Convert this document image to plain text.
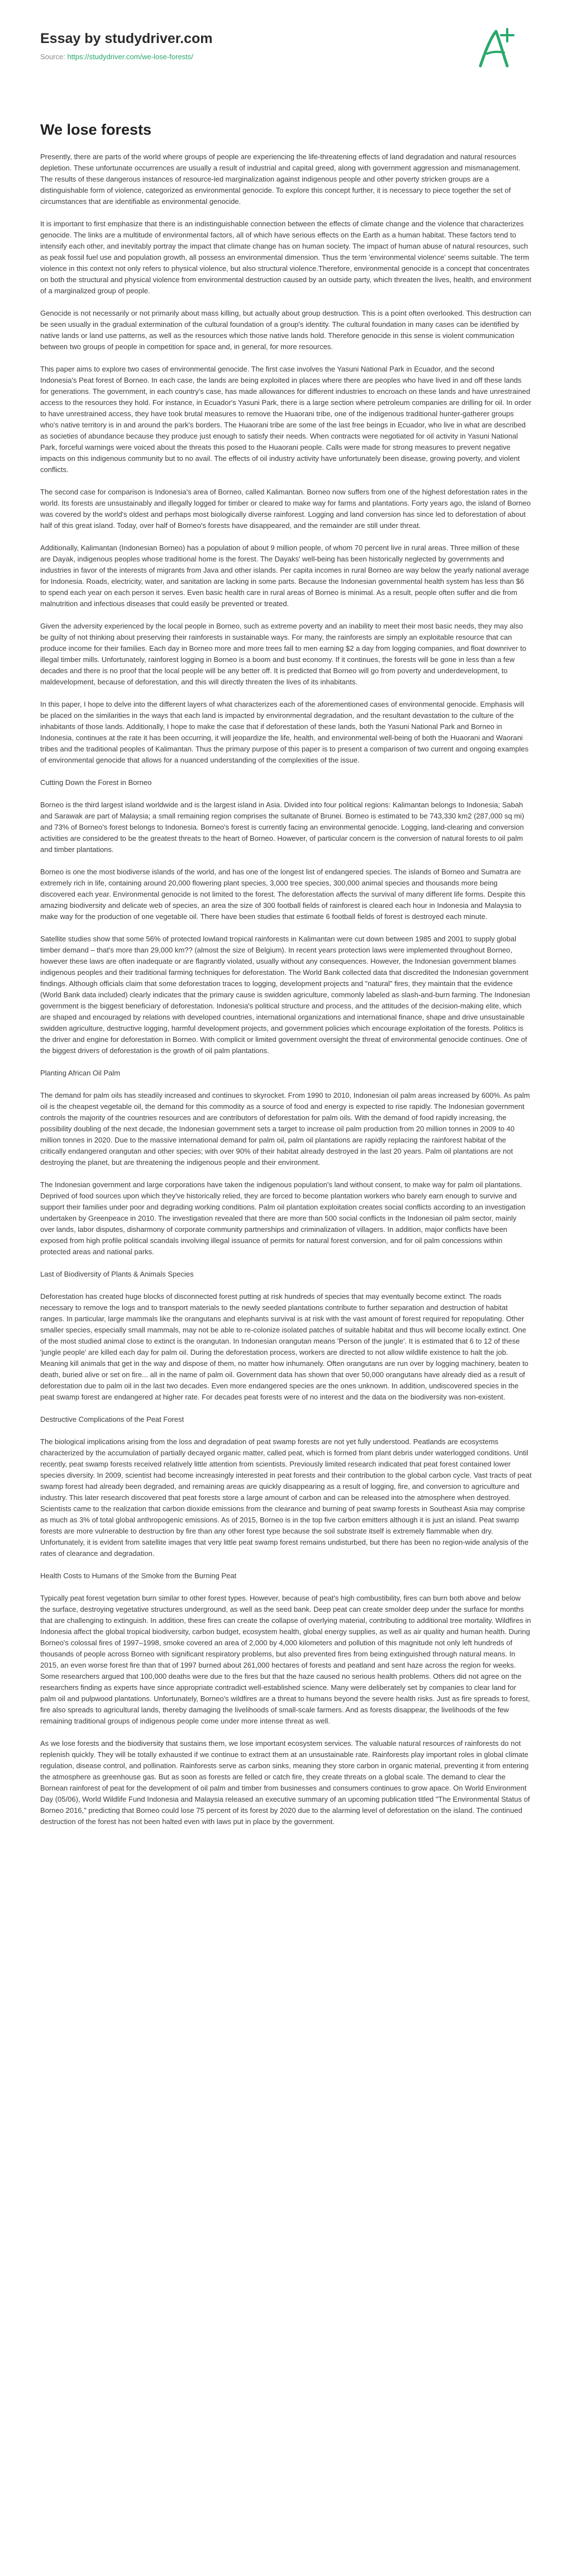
Essay by studydriver.com
Source: https://studydriver.com/we-lose-forests/
We lose forests

Presently, there are parts of the world where groups of people are experiencing the life-threatening effects of land degradation and natural resources depletion. These unfortunate occurrences are usually a result of industrial and capital greed, along with government aggression and mismanagement. The results of these dangerous instances of resource-led marginalization against indigenous people and other poverty stricken groups are a distinguishable form of violence, categorized as environmental genocide. To explore this concept further, it is necessary to piece together the set of circumstances that are identifiable as environmental genocide.

It is important to first emphasize that there is an indistinguishable connection between the effects of climate change and the violence that characterizes genocide. The links are a multitude of environmental factors, all of which have serious effects on the Earth as a human habitat. These factors tend to intensify each other, and inevitably portray the impact that climate change has on human society. The impact of human abuse of natural resources, such as peak fossil fuel use and population growth, all possess an environmental dimension. Thus the term 'environmental violence' seems suitable. The term violence in this context not only refers to physical violence, but also structural violence.Therefore, environmental genocide is a concept that concentrates on both the structural and physical violence from environmental destruction caused by an outside party, which threaten the lives, health, and environment of a marginalized group of people.

Genocide is not necessarily or not primarily about mass killing, but actually about group destruction. This is a point often overlooked. This destruction can be seen usually in the gradual extermination of the cultural foundation of a group's identity. The cultural foundation in many cases can be identified by native lands or land use patterns, as well as the resources which those native lands hold. Therefore genocide in this sense is violent communication between two groups of people in competition for space and, in general, for more resources.

This paper aims to explore two cases of environmental genocide. The first case involves the Yasuni National Park in Ecuador, and the second Indonesia's Peat forest of Borneo. In each case, the lands are being exploited in places where there are peoples who have lived in and off these lands for generations. The government, in each country's case, has made allowances for different industries to encroach on these lands and have unrestrained access to the resources they hold. For instance, in Ecuador's Yasuni Park, there is a large section where petroleum companies are drilling for oil. In order to have unrestrained access, they have took brutal measures to remove the Huaorani tribe, one of the indigenous traditional hunter-gatherer groups who's native territory is in and around the park's borders. The Huaorani tribe are some of the last free beings in Ecuador, who live in what are described as societies of abundance because they produce just enough to satisfy their needs. When contracts were negotiated for oil activity in Yasuni National Park, forceful warnings were voiced about the threats this posed to the Huaorani people. Calls were made for strong measures to prevent negative impacts on this indigenous community but to no avail. The effects of oil industry activity have unfortunately been disease, growing poverty, and violent conflicts.

The second case for comparison is Indonesia's area of Borneo, called Kalimantan. Borneo now suffers from one of the highest deforestation rates in the world. Its forests are unsustainably and illegally logged for timber or cleared to make way for farms and plantations. Forty years ago, the island of Borneo was covered by the world's oldest and perhaps most biologically diverse rainforest. Logging and land conversion has since led to deforestation of about half of this great island. Today, over half of Borneo's forests have disappeared, and the remainder are still under threat.

Additionally, Kalimantan (Indonesian Borneo) has a population of about 9 million people, of whom 70 percent live in rural areas. Three million of these are Dayak, indigenous peoples whose traditional home is the forest. The Dayaks' well-being has been historically neglected by governments and industries in favor of the interests of migrants from Java and other islands. Per capita incomes in rural Borneo are way below the yearly national average for Indonesia. Roads, electricity, water, and sanitation are lacking in some parts. Because the Indonesian governmental health system has less than $6 to spend each year on each person it serves. Even basic health care in rural areas of Borneo is minimal. As a result, people often suffer and die from malnutrition and infectious diseases that could easily be prevented or treated.

Given the adversity experienced by the local people in Borneo, such as extreme poverty and an inability to meet their most basic needs, they may also be guilty of not thinking about preserving their rainforests in sustainable ways. For many, the rainforests are simply an exploitable resource that can produce income for their families. Each day in Borneo more and more trees fall to men earning $2 a day from logging companies, and float downriver to illegal timber mills. Unfortunately, rainforest logging in Borneo is a boom and bust economy. If it continues, the forests will be gone in less than a few decades and there is no proof that the local people will be any better off. It is predicted that Borneo will go from poverty and underdevelopment, to maldevelopment, because of deforestation, and this will directly threaten the lives of its inhabitants.

In this paper, I hope to delve into the different layers of what characterizes each of the aforementioned cases of environmental genocide. Emphasis will be placed on the similarities in the ways that each land is impacted by environmental degradation, and the resultant devastation to the culture of the inhabitants of those lands. Additionally, I hope to make the case that if deforestation of these lands, both the Yasuni National Park and Borneo in Indonesia, continues at the rate it has been occurring, it will jeopardize the life, health, and environmental well-being of both the Huaorani and Waorani tribes and the traditional peoples of Kalimantan. Thus the primary purpose of this paper is to present a comparison of two current and ongoing examples of environmental genocide that allows for a nuanced understanding of the complexities of the issue.

Cutting Down the Forest in Borneo

Borneo is the third largest island worldwide and is the largest island in Asia. Divided into four political regions: Kalimantan belongs to Indonesia; Sabah and Sarawak are part of Malaysia; a small remaining region comprises the sultanate of Brunei. Borneo is estimated to be 743,330 km2 (287,000 sq mi) and 73% of Borneo's forest belongs to Indonesia. Borneo's forest is currently facing an environmental genocide. Logging, land-clearing and conversion activities are considered to be the greatest threats to the heart of Borneo. However, of particular concern is the conversion of natural forests to oil palm and timber plantations.

Borneo is one the most biodiverse islands of the world, and has one of the longest list of endangered species. The islands of Borneo and Sumatra are extremely rich in life, containing around 20,000 flowering plant species, 3,000 tree species, 300,000 animal species and thousands more being discovered each year. Environmental genocide is not limited to the forest. The deforestation affects the survival of many different life forms. Despite this amazing biodiversity and delicate web of species, an area the size of 300 football fields of rainforest is cleared each hour in Indonesia and Malaysia to make way for the production of one vegetable oil. There have been studies that estimate 6 football fields of forest is destroyed each minute.

Satellite studies show that some 56% of protected lowland tropical rainforests in Kalimantan were cut down between 1985 and 2001 to supply global timber demand – that's more than 29,000 km?? (almost the size of Belgium). In recent years protection laws were implemented throughout Borneo, however these laws are often inadequate or are flagrantly violated, usually without any consequences. However, the Indonesian government blames indigenous peoples and their traditional farming techniques for deforestation. The World Bank collected data that discredited the Indonesian government findings. Although officials claim that some deforestation traces to logging, development projects and "natural" fires, they maintain that the evidence (World Bank data included) clearly indicates that the primary cause is swidden agriculture, commonly labeled as slash-and-burn farming. The Indonesian government is the biggest beneficiary of deforestation. Indonesia's political structure and process, and the attitudes of the decision-making elite, which are shaped and encouraged by relations with developed countries, international organizations and international finance, shape and drive unsustainable swidden agriculture, destructive logging, harmful development projects, and government policies which encourage exploitation of the forests. Politics is the driver and engine for deforestation in Borneo. With complicit or limited government oversight the threat of environmental genocide continues. One of the biggest drivers of deforestation is the growth of oil palm plantations.

Planting African Oil Palm

The demand for palm oils has steadily increased and continues to skyrocket. From 1990 to 2010, Indonesian oil palm areas increased by 600%. As palm oil is the cheapest vegetable oil, the demand for this commodity as a source of food and energy is expected to rise rapidly. The Indonesian government controls the majority of the countries resources and are contributors of deforestation for palm oils. With the demand of food rapidly increasing, the possibility doubling of the next decade, the Indonesian government sets a target to increase oil palm production from 20 million tonnes in 2009 to 40 million tonnes in 2020. Due to the massive international demand for palm oil, palm oil plantations are rapidly replacing the rainforest habitat of the critically endangered orangutan and other species; with over 90% of their habitat already destroyed in the last 20 years. Palm oil plantations are not destroying the planet, but are threatening the indigenous people and their environment.

The Indonesian government and large corporations have taken the indigenous population's land without consent, to make way for palm oil plantations. Deprived of food sources upon which they've historically relied, they are forced to become plantation workers who barely earn enough to survive and support their families under poor and degrading working conditions. Palm oil plantation exploitation creates social conflicts according to an investigation undertaken by Greenpeace in 2010. The investigation revealed that there are more than 500 social conflicts in the Indonesian oil palm sector, mainly over lands, labor disputes, disharmony of corporate community partnerships and criminalization of villagers. In addition, major conflicts have been exposed from high profile political scandals involving illegal issuance of permits for natural forest conversion, and for oil palm concessions within protected areas and national parks.

Last of Biodiversity of Plants & Animals Species

Deforestation has created huge blocks of disconnected forest putting at risk hundreds of species that may eventually become extinct. The roads necessary to remove the logs and to transport materials to the newly seeded plantations contribute to further separation and destruction of habitat ranges. In particular, large mammals like the orangutans and elephants survival is at risk with the vast amount of forest required for repopulating. Other smaller species, especially small mammals, may not be able to re-colonize isolated patches of suitable habitat and thus will become locally extinct. One of the most studied animal close to extinct is the orangutan. In Indonesian orangutan means 'Person of the jungle'. It is estimated that 6 to 12 of these 'jungle people' are killed each day for palm oil. During the deforestation process, workers are directed to not allow wildlife existence to halt the job. Meaning kill animals that get in the way and dispose of them, no matter how inhumanely. Often orangutans are run over by logging machinery, beaten to death, buried alive or set on fire... all in the name of palm oil. Government data has shown that over 50,000 orangutans have already died as a result of deforestation due to palm oil in the last two decades. Even more endangered species are the ones unknown. In addition, undiscovered species in the peat swamp forest are endangered at higher rate. For decades peat forests were of no interest and the data on the biodiversity was non-existent.

Destructive Complications of the Peat Forest

The biological implications arising from the loss and degradation of peat swamp forests are not yet fully understood. Peatlands are ecosystems characterized by the accumulation of partially decayed organic matter, called peat, which is formed from plant debris under waterlogged conditions. Until recently, peat swamp forests received relatively little attention from scientists. Previously limited research indicated that peat forest contained lower species diversity. In 2009, scientist had become increasingly interested in peat forests and their contribution to the global carbon cycle. Vast tracts of peat swamp forest had already been degraded, and remaining areas are quickly disappearing as a result of logging, fire, and conversion to agriculture and industry. This later research discovered that peat forests store a large amount of carbon and can be released into the atmosphere when destroyed. Scientists came to the realization that carbon dioxide emissions from the clearance and burning of peat swamp forests in Southeast Asia may comprise as much as 3% of total global anthropogenic emissions. As of 2015, Borneo is in the top five carbon emitters although it is just an island. Peat swamp forests are more vulnerable to destruction by fire than any other forest type because the soil substrate itself is extremely flammable when dry. Unfortunately, it is evident from satellite images that very little peat swamp forest remains undisturbed, but there has been no region-wide analysis of the rates of clearance and degradation.

Health Costs to Humans of the Smoke from the Burning Peat

Typically peat forest vegetation burn similar to other forest types. However, because of peat's high combustibility, fires can burn both above and below the surface, destroying vegetative structures underground, as well as the seed bank. Deep peat can create smolder deep under the surface for months that are challenging to extinguish. In addition, these fires can create the collapse of overlying material, contributing to additional tree mortality. Wildfires in Indonesia affect the global tropical biodiversity, carbon budget, ecosystem health, global energy supplies, as well as air quality and human health. During Borneo's colossal fires of 1997–1998, smoke covered an area of 2,000 by 4,000 kilometers and pollution of this magnitude not only left hundreds of thousands of people across Borneo with significant respiratory problems, but also prevented fires from being extinguished through natural means. In 2015, an even worse forest fire than that of 1997 burned about 261,000 hectares of forests and peatland and sent haze across the region for weeks. Some researchers argued that 100,000 deaths were due to the fires but that the haze caused no serious health problems. Others did not agree on the researchers finding as experts have since appropriate contradict well-established science. Many were deliberately set by companies to clear land for palm oil and pulpwood plantations. Unfortunately, Borneo's wildfires are a threat to humans beyond the severe health risks. Just as fire spreads to forest, fire also spreads to agricultural lands, thereby damaging the livelihoods of small-scale farmers. And as forests disappear, the livelihoods of the few remaining traditional groups of indigenous people come under more intense threat as well.

As we lose forests and the biodiversity that sustains them, we lose important ecosystem services. The valuable natural resources of rainforests do not replenish quickly. They will be totally exhausted if we continue to extract them at an unsustainable rate. Rainforests play important roles in global climate regulation, disease control, and pollination. Rainforests serve as carbon sinks, meaning they store carbon in organic material, preventing it from entering the atmosphere as greenhouse gas. But as soon as forests are felled or catch fire, they create threats on a global scale. The demand to clear the Bornean rainforest of peat for the development of oil palm and timber from businesses and consumers continues to grow apace. On World Environment Day (05/06), World Wildlife Fund Indonesia and Malaysia released an executive summary of an upcoming publication titled "The Environmental Status of Borneo 2016," predicting that Borneo could lose 75 percent of its forest by 2020 due to the alarming level of deforestation on the island. The continued destruction of the forest has not been halted even with laws put in place by the government.
